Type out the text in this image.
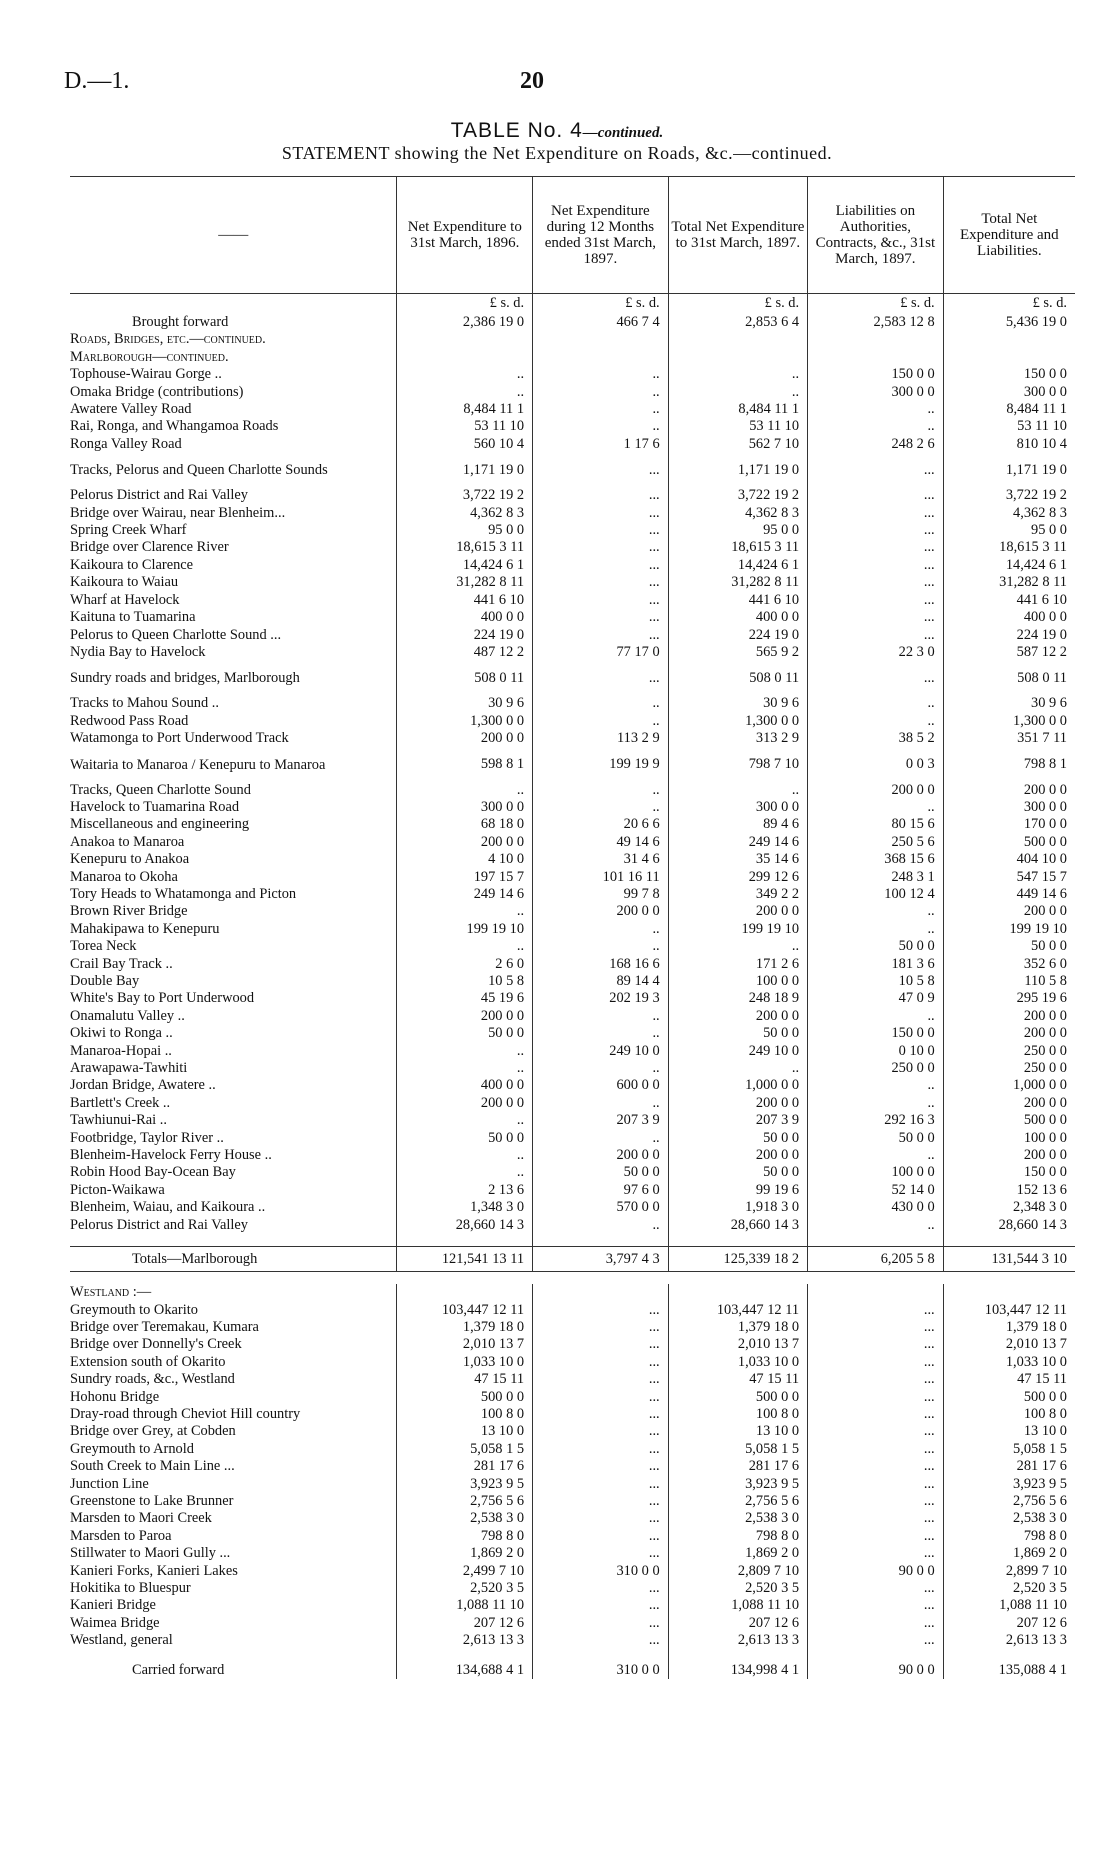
D.—1.	20
TABLE No. 4—continued.
STATEMENT showing the Net Expenditure on Roads, &c.—continued.
——	Net Expenditure to 31st March, 1896.	Net Expenditure during 12 Months ended 31st March, 1897.	Total Net Expenditure to 31st March, 1897.	Liabilities on Authorities, Contracts, &c., 31st March, 1897.	Total Net Expenditure and Liabilities.
	£ s. d.	£ s. d.	£ s. d.	£ s. d.	£ s. d.
Brought forward	2,386 19 0	466 7 4	2,853 6 4	2,583 12 8	5,436 19 0
Roads, Bridges, etc.—continued.					
Marlborough—continued.					
Tophouse-Wairau Gorge ..	..	..	..	150 0 0	150 0 0
Omaka Bridge (contributions)	..	..	..	300 0 0	300 0 0
Awatere Valley Road	8,484 11 1	..	8,484 11 1	..	8,484 11 1
Rai, Ronga, and Whangamoa Roads	53 11 10	..	53 11 10	..	53 11 10
Ronga Valley Road	560 10 4	1 17 6	562 7 10	248 2 6	810 10 4
Tracks, Pelorus and Queen Charlotte Sounds	1,171 19 0	...	1,171 19 0	...	1,171 19 0
Pelorus District and Rai Valley	3,722 19 2	...	3,722 19 2	...	3,722 19 2
Bridge over Wairau, near Blenheim...	4,362 8 3	...	4,362 8 3	...	4,362 8 3
Spring Creek Wharf	95 0 0	...	95 0 0	...	95 0 0
Bridge over Clarence River	18,615 3 11	...	18,615 3 11	...	18,615 3 11
Kaikoura to Clarence	14,424 6 1	...	14,424 6 1	...	14,424 6 1
Kaikoura to Waiau	31,282 8 11	...	31,282 8 11	...	31,282 8 11
Wharf at Havelock	441 6 10	...	441 6 10	...	441 6 10
Kaituna to Tuamarina	400 0 0	...	400 0 0	...	400 0 0
Pelorus to Queen Charlotte Sound ...	224 19 0	...	224 19 0	...	224 19 0
Nydia Bay to Havelock	487 12 2	77 17 0	565 9 2	22 3 0	587 12 2
Sundry roads and bridges, Marlborough	508 0 11	...	508 0 11	...	508 0 11
Tracks to Mahou Sound ..	30 9 6	..	30 9 6	..	30 9 6
Redwood Pass Road	1,300 0 0	..	1,300 0 0	..	1,300 0 0
Watamonga to Port Underwood Track	200 0 0	113 2 9	313 2 9	38 5 2	351 7 11
Waitaria to Manaroa / Kenepuru to Manaroa	598 8 1	199 19 9	798 7 10	0 0 3	798 8 1
Tracks, Queen Charlotte Sound	..	..	..	200 0 0	200 0 0
Havelock to Tuamarina Road	300 0 0	..	300 0 0	..	300 0 0
Miscellaneous and engineering	68 18 0	20 6 6	89 4 6	80 15 6	170 0 0
Anakoa to Manaroa	200 0 0	49 14 6	249 14 6	250 5 6	500 0 0
Kenepuru to Anakoa	4 10 0	31 4 6	35 14 6	368 15 6	404 10 0
Manaroa to Okoha	197 15 7	101 16 11	299 12 6	248 3 1	547 15 7
Tory Heads to Whatamonga and Picton	249 14 6	99 7 8	349 2 2	100 12 4	449 14 6
Brown River Bridge	..	200 0 0	200 0 0	..	200 0 0
Mahakipawa to Kenepuru	199 19 10	..	199 19 10	..	199 19 10
Torea Neck	..	..	..	50 0 0	50 0 0
Crail Bay Track ..	2 6 0	168 16 6	171 2 6	181 3 6	352 6 0
Double Bay	10 5 8	89 14 4	100 0 0	10 5 8	110 5 8
White's Bay to Port Underwood	45 19 6	202 19 3	248 18 9	47 0 9	295 19 6
Onamalutu Valley ..	200 0 0	..	200 0 0	..	200 0 0
Okiwi to Ronga ..	50 0 0	..	50 0 0	150 0 0	200 0 0
Manaroa-Hopai ..	..	249 10 0	249 10 0	0 10 0	250 0 0
Arawapawa-Tawhiti	..	..	..	250 0 0	250 0 0
Jordan Bridge, Awatere ..	400 0 0	600 0 0	1,000 0 0	..	1,000 0 0
Bartlett's Creek ..	200 0 0	..	200 0 0	..	200 0 0
Tawhiunui-Rai ..	..	207 3 9	207 3 9	292 16 3	500 0 0
Footbridge, Taylor River ..	50 0 0	..	50 0 0	50 0 0	100 0 0
Blenheim-Havelock Ferry House ..	..	200 0 0	200 0 0	..	200 0 0
Robin Hood Bay-Ocean Bay	..	50 0 0	50 0 0	100 0 0	150 0 0
Picton-Waikawa	2 13 6	97 6 0	99 19 6	52 14 0	152 13 6
Blenheim, Waiau, and Kaikoura ..	1,348 3 0	570 0 0	1,918 3 0	430 0 0	2,348 3 0
Pelorus District and Rai Valley	28,660 14 3	..	28,660 14 3	..	28,660 14 3

Totals—Marlborough	121,541 13 11	3,797 4 3	125,339 18 2	6,205 5 8	131,544 3 10

Westland :—					
Greymouth to Okarito	103,447 12 11	...	103,447 12 11	...	103,447 12 11
Bridge over Teremakau, Kumara	1,379 18 0	...	1,379 18 0	...	1,379 18 0
Bridge over Donnelly's Creek	2,010 13 7	...	2,010 13 7	...	2,010 13 7
Extension south of Okarito	1,033 10 0	...	1,033 10 0	...	1,033 10 0
Sundry roads, &c., Westland	47 15 11	...	47 15 11	...	47 15 11
Hohonu Bridge	500 0 0	...	500 0 0	...	500 0 0
Dray-road through Cheviot Hill country	100 8 0	...	100 8 0	...	100 8 0
Bridge over Grey, at Cobden	13 10 0	...	13 10 0	...	13 10 0
Greymouth to Arnold	5,058 1 5	...	5,058 1 5	...	5,058 1 5
South Creek to Main Line ...	281 17 6	...	281 17 6	...	281 17 6
Junction Line	3,923 9 5	...	3,923 9 5	...	3,923 9 5
Greenstone to Lake Brunner	2,756 5 6	...	2,756 5 6	...	2,756 5 6
Marsden to Maori Creek	2,538 3 0	...	2,538 3 0	...	2,538 3 0
Marsden to Paroa	798 8 0	...	798 8 0	...	798 8 0
Stillwater to Maori Gully ...	1,869 2 0	...	1,869 2 0	...	1,869 2 0
Kanieri Forks, Kanieri Lakes	2,499 7 10	310 0 0	2,809 7 10	90 0 0	2,899 7 10
Hokitika to Bluespur	2,520 3 5	...	2,520 3 5	...	2,520 3 5
Kanieri Bridge	1,088 11 10	...	1,088 11 10	...	1,088 11 10
Waimea Bridge	207 12 6	...	207 12 6	...	207 12 6
Westland, general	2,613 13 3	...	2,613 13 3	...	2,613 13 3

Carried forward	134,688 4 1	310 0 0	134,998 4 1	90 0 0	135,088 4 1
